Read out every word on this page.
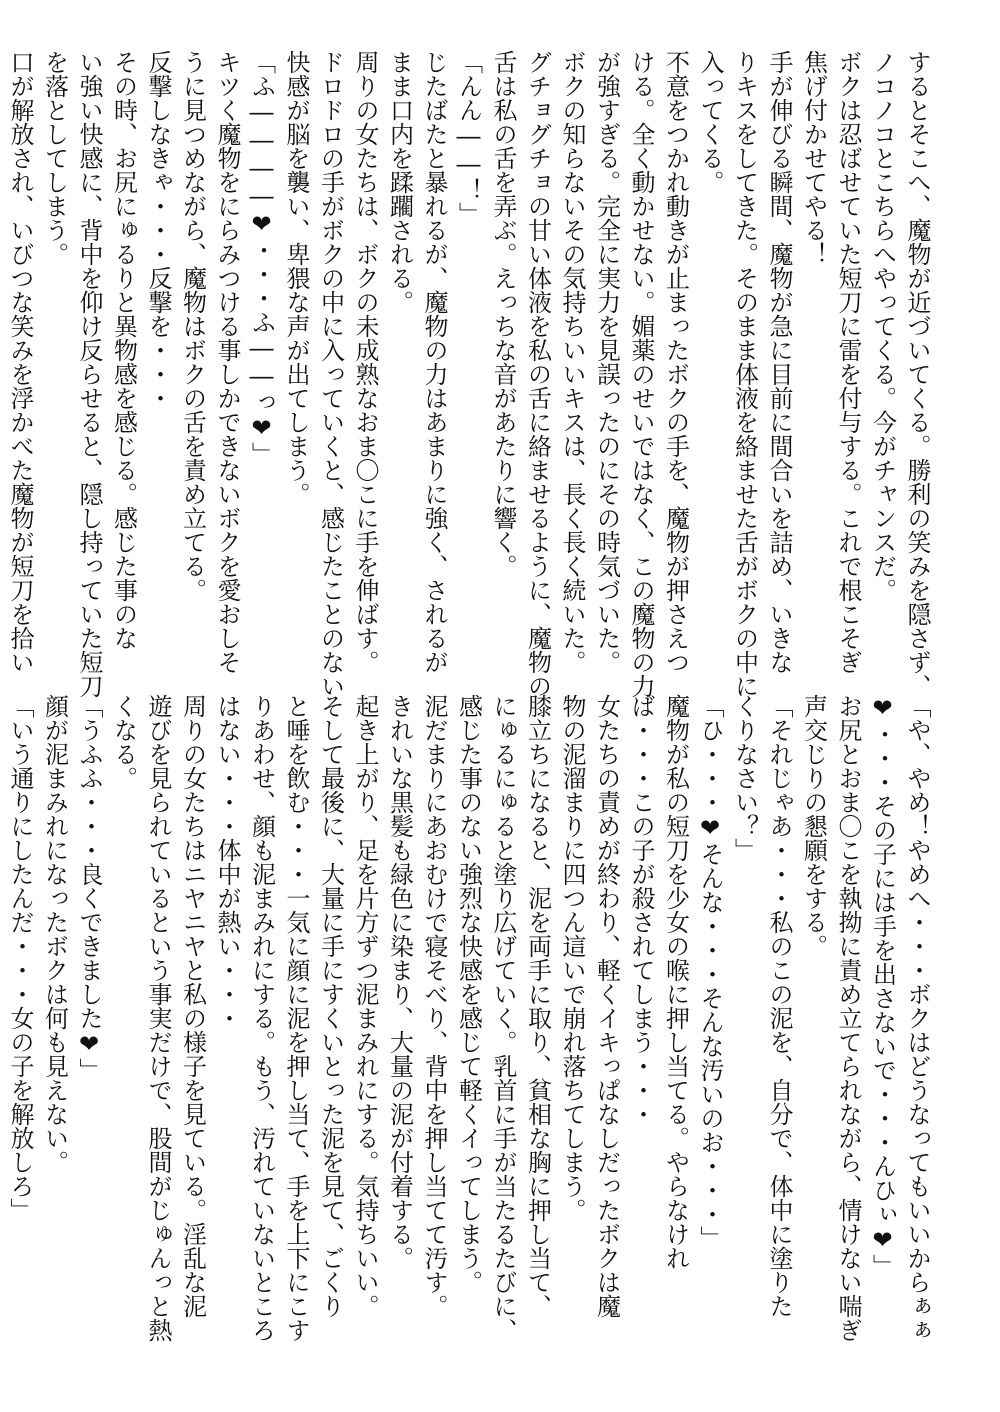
するとそこへ、魔物が近づいてくる。勝利の笑みを隠さず、
ノコノコとこちらへやってくる。今がチャンスだ。
ボクは忍ばせていた短刀に雷を付与する。これで根こそぎ
焦げ付かせてやる！
手が伸びる瞬間、魔物が急に目前に間合いを詰め、いきな
りキスをしてきた。そのまま体液を絡ませた舌がボクの中に
入ってくる。
不意をつかれ動きが止まったボクの手を、魔物が押さえつ
ける。全く動かせない。媚薬のせいではなく、この魔物の力
が強すぎる。完全に実力を見誤ったのにその時気づいた。
ボクの知らないその気持ちいいキスは、長く長く続いた。
グチョグチョの甘い体液を私の舌に絡ませるように、魔物の
舌は私の舌を弄ぶ。えっちな音があたりに響く。
「んん――！」
じたばたと暴れるが、魔物の力はあまりに強く、されるが
まま口内を蹂躙される。
周りの女たちは、ボクの未成熟なおま〇こに手を伸ばす。
ドロドロの手がボクの中に入っていくと、感じたことのない
快感が脳を襲い、卑猥な声が出てしまう。
「ふ――――❤・・・ふ――っ❤」
キツく魔物をにらみつける事しかできないボクを愛おしそ
うに見つめながら、魔物はボクの舌を責め立てる。
反撃しなきゃ・・・反撃を・・・
その時、お尻にゅるりと異物感を感じる。感じた事のな
い強い快感に、背中を仰け反らせると、隠し持っていた短刀
を落としてしまう。
口が解放され、いびつな笑みを浮かべた魔物が短刀を拾い
「や、やめ！やめへ・・・ボクはどうなってもいいからぁぁ
❤・・・その子には手を出さないで・・・んひぃ❤」
お尻とおま〇こを執拗に責め立てられながら、情けない喘ぎ
声交じりの懇願をする。
「それじゃあ・・・私のこの泥を、自分で、体中に塗りた
くりなさい？」
「ひ・・・❤そんな・・・そんな汚いのお・・・」
魔物が私の短刀を少女の喉に押し当てる。やらなけれ
ば・・・この子が殺されてしまう・・・
女たちの責めが終わり、軽くイキっぱなしだったボクは魔
物の泥溜まりに四つん這いで崩れ落ちてしまう。
膝立ちになると、泥を両手に取り、貧相な胸に押し当て、
にゅるにゅると塗り広げていく。乳首に手が当たるたびに、
感じた事のない強烈な快感を感じて軽くイってしまう。
泥だまりにあおむけで寝そべり、背中を押し当てて汚す。
きれいな黒髪も緑色に染まり、大量の泥が付着する。
起き上がり、足を片方ずつ泥まみれにする。気持ちいい。
そして最後に、大量に手にすくいとった泥を見て、ごくり
と唾を飲む・・・一気に顔に泥を押し当て、手を上下にこす
りあわせ、顔も泥まみれにする。もう、汚れていないところ
はない・・・体中が熱い・・・
周りの女たちはニヤニヤと私の様子を見ている。淫乱な泥
遊びを見られているという事実だけで、股間がじゅんっと熱
くなる。
「うふふ・・・良くできました❤」
顔が泥まみれになったボクは何も見えない。
「いう通りにしたんだ・・・女の子を解放しろ」
